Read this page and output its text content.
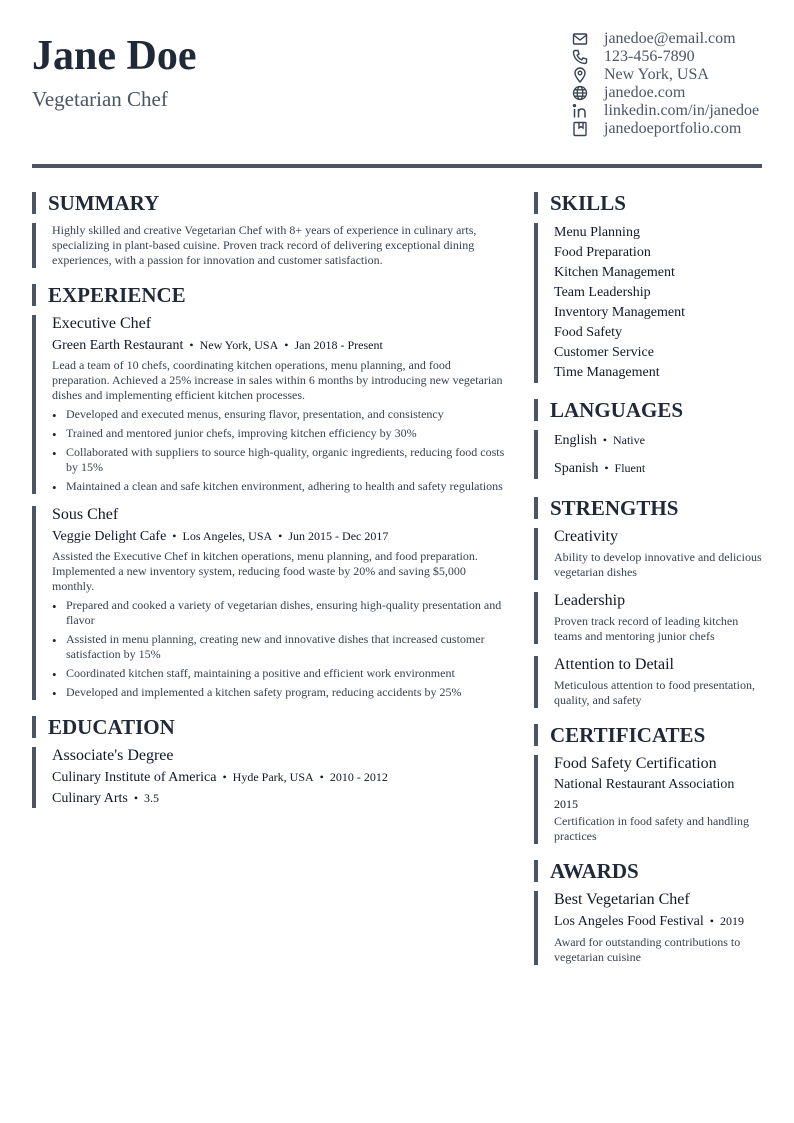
Jane Doe
Vegetarian Chef
janedoe@email.com
123-456-7890
New York, USA
janedoe.com
linkedin.com/in/janedoe
janedoeportfolio.com
SUMMARY

Highly skilled and creative Vegetarian Chef with 8+ years of experience in culinary arts, specializing in plant-based cuisine. Proven track record of delivering exceptional dining experiences, with a passion for innovation and customer satisfaction.

EXPERIENCE
Executive Chef
Green Earth Restaurant • New York, USA • Jan 2018 - Present

Lead a team of 10 chefs, coordinating kitchen operations, menu planning, and food preparation. Achieved a 25% increase in sales within 6 months by introducing new vegetarian dishes and implementing efficient kitchen processes.

• Developed and executed menus, ensuring flavor, presentation, and consistency
• Trained and mentored junior chefs, improving kitchen efficiency by 30%
• Collaborated with suppliers to source high-quality, organic ingredients, reducing food costs by 15%
• Maintained a clean and safe kitchen environment, adhering to health and safety regulations
Sous Chef
Veggie Delight Cafe • Los Angeles, USA • Jun 2015 - Dec 2017

Assisted the Executive Chef in kitchen operations, menu planning, and food preparation. Implemented a new inventory system, reducing food waste by 20% and saving $5,000 monthly.

• Prepared and cooked a variety of vegetarian dishes, ensuring high-quality presentation and flavor
• Assisted in menu planning, creating new and innovative dishes that increased customer satisfaction by 15%
• Coordinated kitchen staff, maintaining a positive and efficient work environment
• Developed and implemented a kitchen safety program, reducing accidents by 25%
EDUCATION
Associate's Degree
Culinary Institute of America • Hyde Park, USA • 2010 - 2012
Culinary Arts • 3.5
SKILLS
Menu Planning
Food Preparation
Kitchen Management
Team Leadership
Inventory Management
Food Safety
Customer Service
Time Management
LANGUAGES
English • Native
Spanish • Fluent
STRENGTHS
Creativity
Ability to develop innovative and delicious vegetarian dishes
Leadership
Proven track record of leading kitchen teams and mentoring junior chefs
Attention to Detail
Meticulous attention to food presentation, quality, and safety
CERTIFICATES
Food Safety Certification
National Restaurant Association
2015
Certification in food safety and handling practices
AWARDS
Best Vegetarian Chef
Los Angeles Food Festival • 2019
Award for outstanding contributions to vegetarian cuisine
